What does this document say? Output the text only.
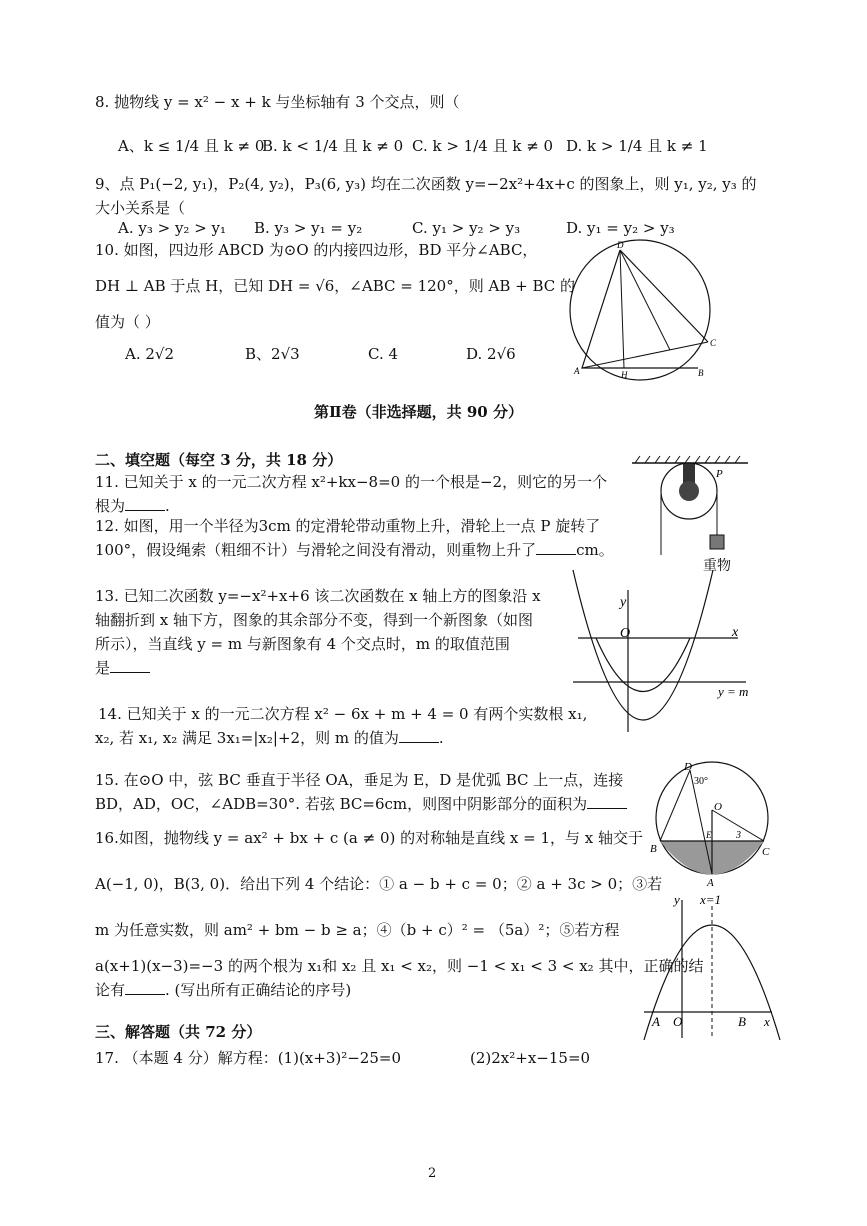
8. 抛物线 y = x² − x + k 与坐标轴有 3 个交点，则（
A、k ≤ 1/4 且 k ≠ 0
B. k < 1/4 且 k ≠ 0 C. k > 1/4 且 k ≠ 0 D. k > 1/4 且 k ≠ 1
9、点 P₁(−2, y₁)，P₂(4, y₂)，P₃(6, y₃) 均在二次函数 y=−2x²+4x+c 的图象上，则 y₁, y₂, y₃ 的
大小关系是（
A. y₃ > y₂ > y₁ B. y₃ > y₁ = y₂	C. y₁ > y₂ > y₃	D. y₁ = y₂ > y₃
10. 如图，四边形 ABCD 为⊙O 的内接四边形，BD 平分∠ABC，
DH ⊥ AB 于点 H，已知 DH = √6，∠ABC = 120°，则 AB + BC 的
值为（ ）
A. 2√2	B、2√3	C. 4	D. 2√6
D
C
A	H	B
第Ⅱ卷（非选择题，共 90 分）
二、填空题（每空 3 分，共 18 分）
11. 已知关于 x 的一元二次方程 x²+kx−8=0 的一个根是−2，则它的另一个
根为	.
12. 如图，用一个半径为3cm 的定滑轮带动重物上升，滑轮上一点 P 旋转了
100°，假设绳索（粗细不计）与滑轮之间没有滑动，则重物上升了	cm。
P
重物
13. 已知二次函数 y=−x²+x+6 该二次函数在 x 轴上方的图象沿 x
轴翻折到 x 轴下方，图象的其余部分不变，得到一个新图象（如图
所示），当直线 y = m 与新图象有 4 个交点时，m 的取值范围
是
y
O	x
y = m
14. 已知关于 x 的一元二次方程 x² − 6x + m + 4 = 0 有两个实数根 x₁,
x₂, 若 x₁, x₂ 满足 3x₁=|x₂|+2，则 m 的值为	.
15. 在⊙O 中，弦 BC 垂直于半径 OA，垂足为 E，D 是优弧 BC 上一点，连接
BD，AD，OC，∠ADB=30°. 若弦 BC=6cm，则图中阴影部分的面积为
D
30°
O
B
E 3
C
A
16.如图，抛物线 y = ax² + bx + c (a ≠ 0) 的对称轴是直线 x = 1，与 x 轴交于
A(−1, 0)，B(3, 0)．给出下列 4 个结论：① a − b + c = 0；② a + 3c > 0；③若
m 为任意实数，则 am² + bm − b ≥ a；④（b + c）² = （5a）²；⑤若方程
a(x+1)(x−3)=−3 的两个根为 x₁和 x₂ 且 x₁ < x₂，则 −1 < x₁ < 3 < x₂ 其中，正确的结
论有	. (写出所有正确结论的序号)
y x=1
A O	B x
三、解答题（共 72 分）
17. （本题 4 分）解方程：(1)(x+3)²−25=0	(2)2x²+x−15=0
2
